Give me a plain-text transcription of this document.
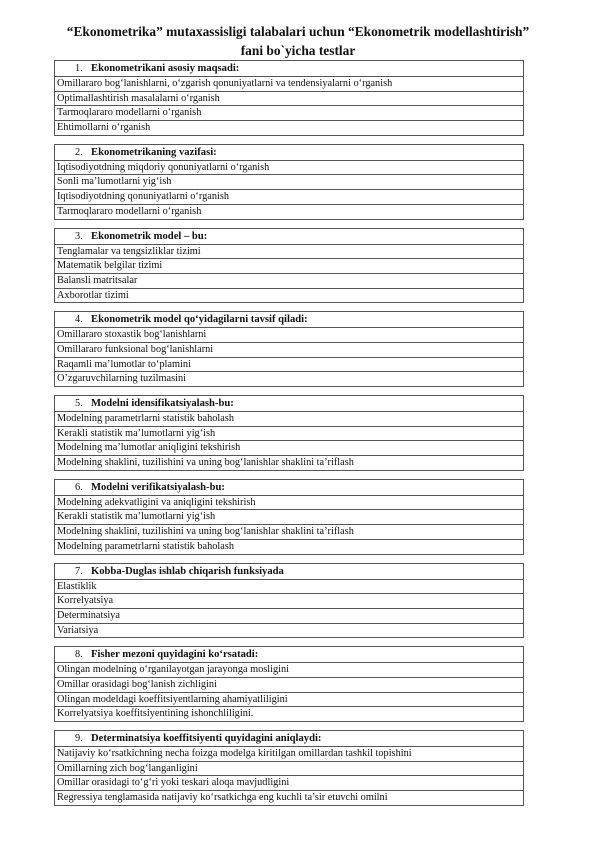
“Ekonometrika” mutaxassisligi talabalari uchun “Ekonometrik modellashtirish”
fani bo`yicha testlar
1. Ekonometrikani asosiy maqsadi:
Omillararo bog‘lanishlarni, o‘zgarish qonuniyatlarni va tendensiyalarni o‘rganish
Optimallashtirish masalalarni o‘rganish
Tarmoqlararo modellarni o‘rganish
Ehtimollarni o‘rganish
2. Ekonometrikaning vazifasi:
Iqtisodiyotdning miqdoriy qonuniyatlarni o‘rganish
Sonli ma’lumotlarni yig‘ish
Iqtisodiyotdning qonuniyatlarni o‘rganish
Tarmoqlararo modellarni o‘rganish
3. Ekonometrik model – bu:
Tenglamalar va tengsizliklar tizimi
Matematik belgilar tizimi
Balansli matritsalar
Axborotlar tizimi
4. Ekonometrik model qo‘yidagilarni tavsif qiladi:
Omillararo stoxastik bog‘lanishlarni
Omillararo funksional bog‘lanishlarni
Raqamli ma’lumotlar to‘plamini
O’zgaruvchilarning tuzilmasini
5. Modelni idensifikatsiyalash-bu:
Modelning parametrlarni statistik baholash
Kerakli statistik ma’lumotlarni yig‘ish
Modelning ma’lumotlar aniqligini tekshirish
Modelning shaklini, tuzilishini va uning bog‘lanishlar shaklini ta’riflash
6. Modelni verifikatsiyalash-bu:
Modelning adekvatligini va aniqligini tekshirish
Kerakli statistik ma’lumotlarni yig‘ish
Modelning shaklini, tuzilishini va uning bog‘lanishlar shaklini ta’riflash
Modelning parametrlarni statistik baholash
7. Kobba-Duglas ishlab chiqarish funksiyada
Elastiklik
Korrelyatsiya
Determinatsiya
Variatsiya
8. Fisher mezoni quyidagini ko‘rsatadi:
Olingan modelning o‘rganilayotgan jarayonga mosligini
Omillar orasidagi bog‘lanish zichligini
Olingan modeldagi koeffitsiyentlarning ahamiyatliligini
Korrelyatsiya koeffitsiyentining ishonchliligini.
9. Determinatsiya koeffitsiyenti quyidagini aniqlaydi:
Natijaviy ko‘rsatkichning necha foizga modelga kiritilgan omillardan tashkil topishini
Omillarning zich bog‘langanligini
Omillar orasidagi to‘g‘ri yoki teskari aloqa mavjudligini
Regressiya tenglamasida natijaviy ko‘rsatkichga eng kuchli ta’sir etuvchi omilni
